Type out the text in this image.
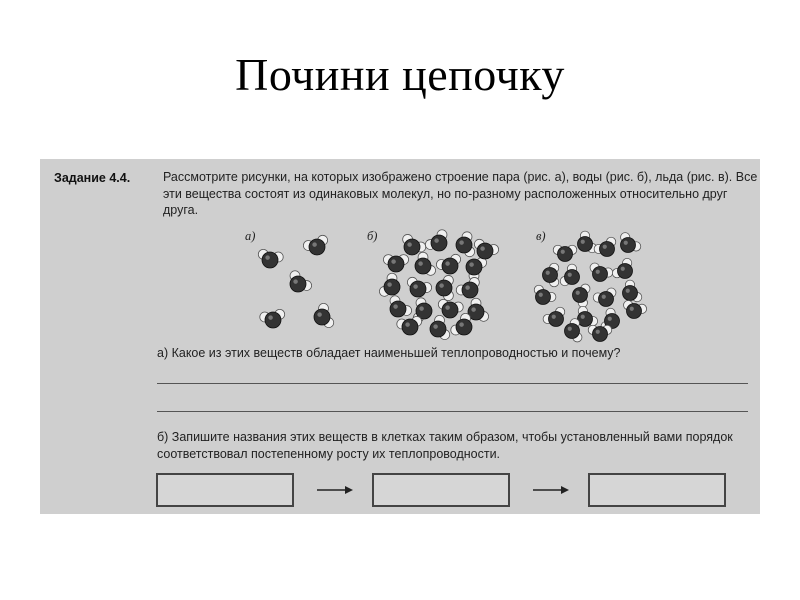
Почини цепочку
Задание 4.4.	Рассмотрите рисунки, на которых изображено строение пара (рис. а), воды (рис. б), льда (рис. в). Все эти вещества состоят из одинаковых молекул, но по-разному расположенных относительно друг друга.
а)	б)	в)
а) Какое из этих веществ обладает наименьшей теплопроводностью и почему?
б) Запишите названия этих веществ в клетках таким образом, чтобы установленный вами порядок соответствовал постепенному росту их теплопроводности.
